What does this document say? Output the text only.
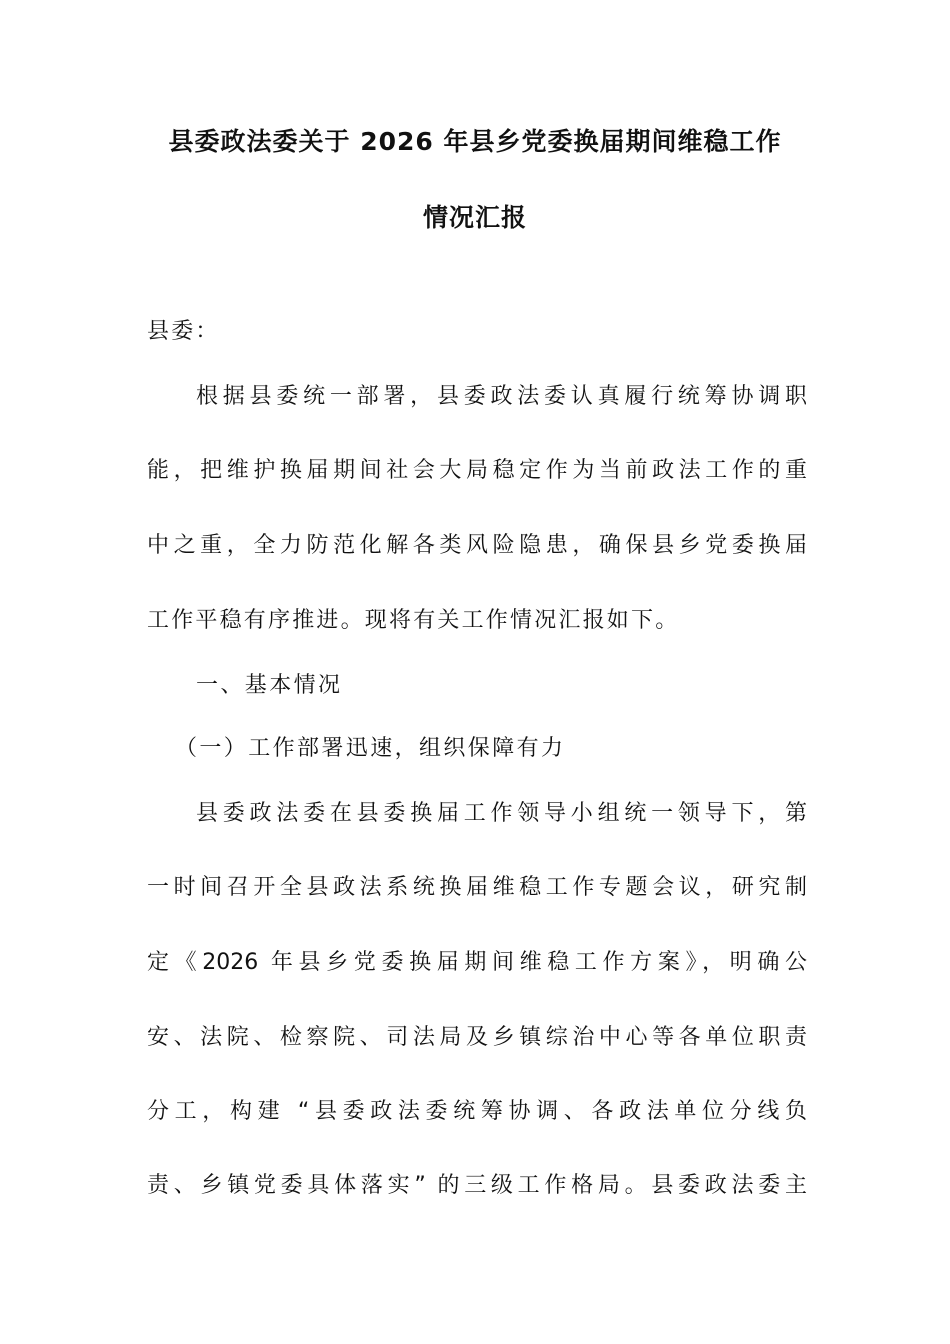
县委政法委关于 2026 年县乡党委换届期间维稳工作
情况汇报
县委：
根据县委统一部署，县委政法委认真履行统筹协调职
能，把维护换届期间社会大局稳定作为当前政法工作的重
中之重，全力防范化解各类风险隐患，确保县乡党委换届
工作平稳有序推进。现将有关工作情况汇报如下。
一、基本情况
（一）工作部署迅速，组织保障有力
县委政法委在县委换届工作领导小组统一领导下，第
一时间召开全县政法系统换届维稳工作专题会议，研究制
定《2026 年县乡党委换届期间维稳工作方案》，明确公
安、法院、检察院、司法局及乡镇综治中心等各单位职责
分工，构建 “县委政法委统筹协调、各政法单位分线负
责、乡镇党委具体落实” 的三级工作格局。县委政法委主
